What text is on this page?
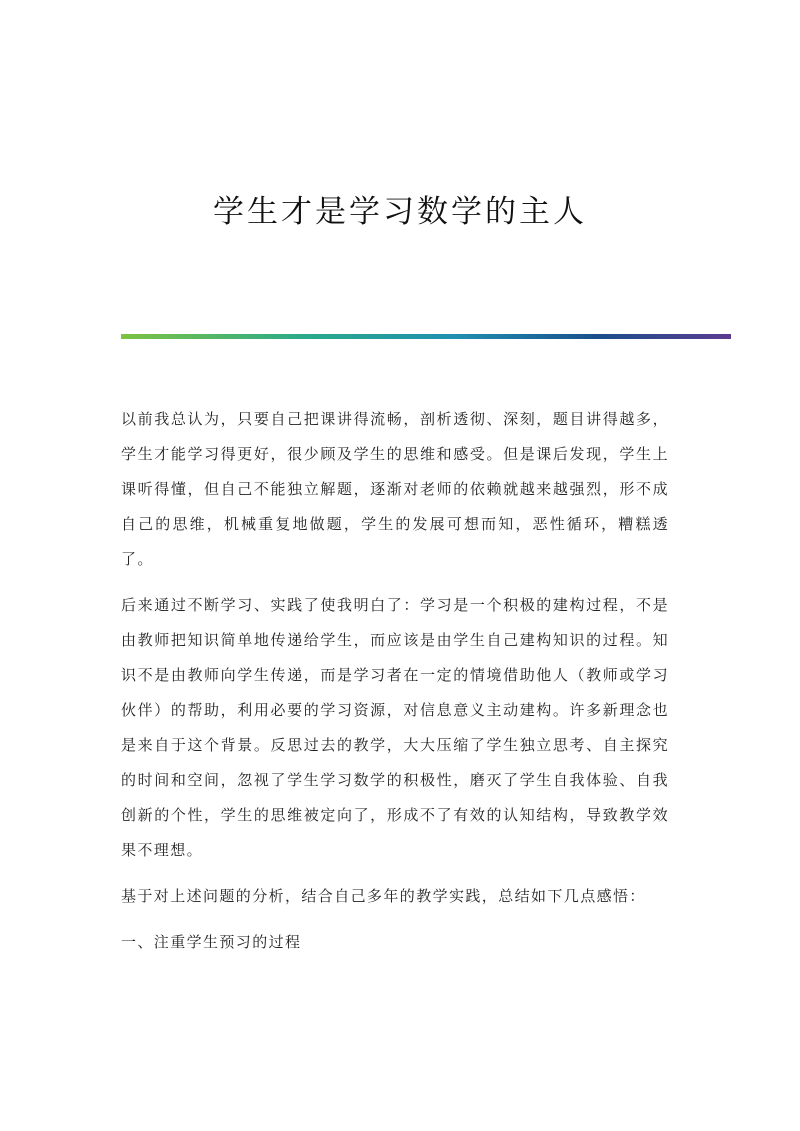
学生才是学习数学的主人

以前我总认为，只要自己把课讲得流畅，剖析透彻、深刻，题目讲得越多，学生才能学习得更好，很少顾及学生的思维和感受。但是课后发现，学生上课听得懂，但自己不能独立解题，逐渐对老师的依赖就越来越强烈，形不成自己的思维，机械重复地做题，学生的发展可想而知，恶性循环，糟糕透了。

后来通过不断学习、实践了使我明白了：学习是一个积极的建构过程，不是由教师把知识简单地传递给学生，而应该是由学生自己建构知识的过程。知识不是由教师向学生传递，而是学习者在一定的情境借助他人（教师或学习伙伴）的帮助，利用必要的学习资源，对信息意义主动建构。许多新理念也是来自于这个背景。反思过去的教学，大大压缩了学生独立思考、自主探究的时间和空间，忽视了学生学习数学的积极性，磨灭了学生自我体验、自我创新的个性，学生的思维被定向了，形成不了有效的认知结构，导致教学效果不理想。

基于对上述问题的分析，结合自己多年的教学实践，总结如下几点感悟：

一、注重学生预习的过程
